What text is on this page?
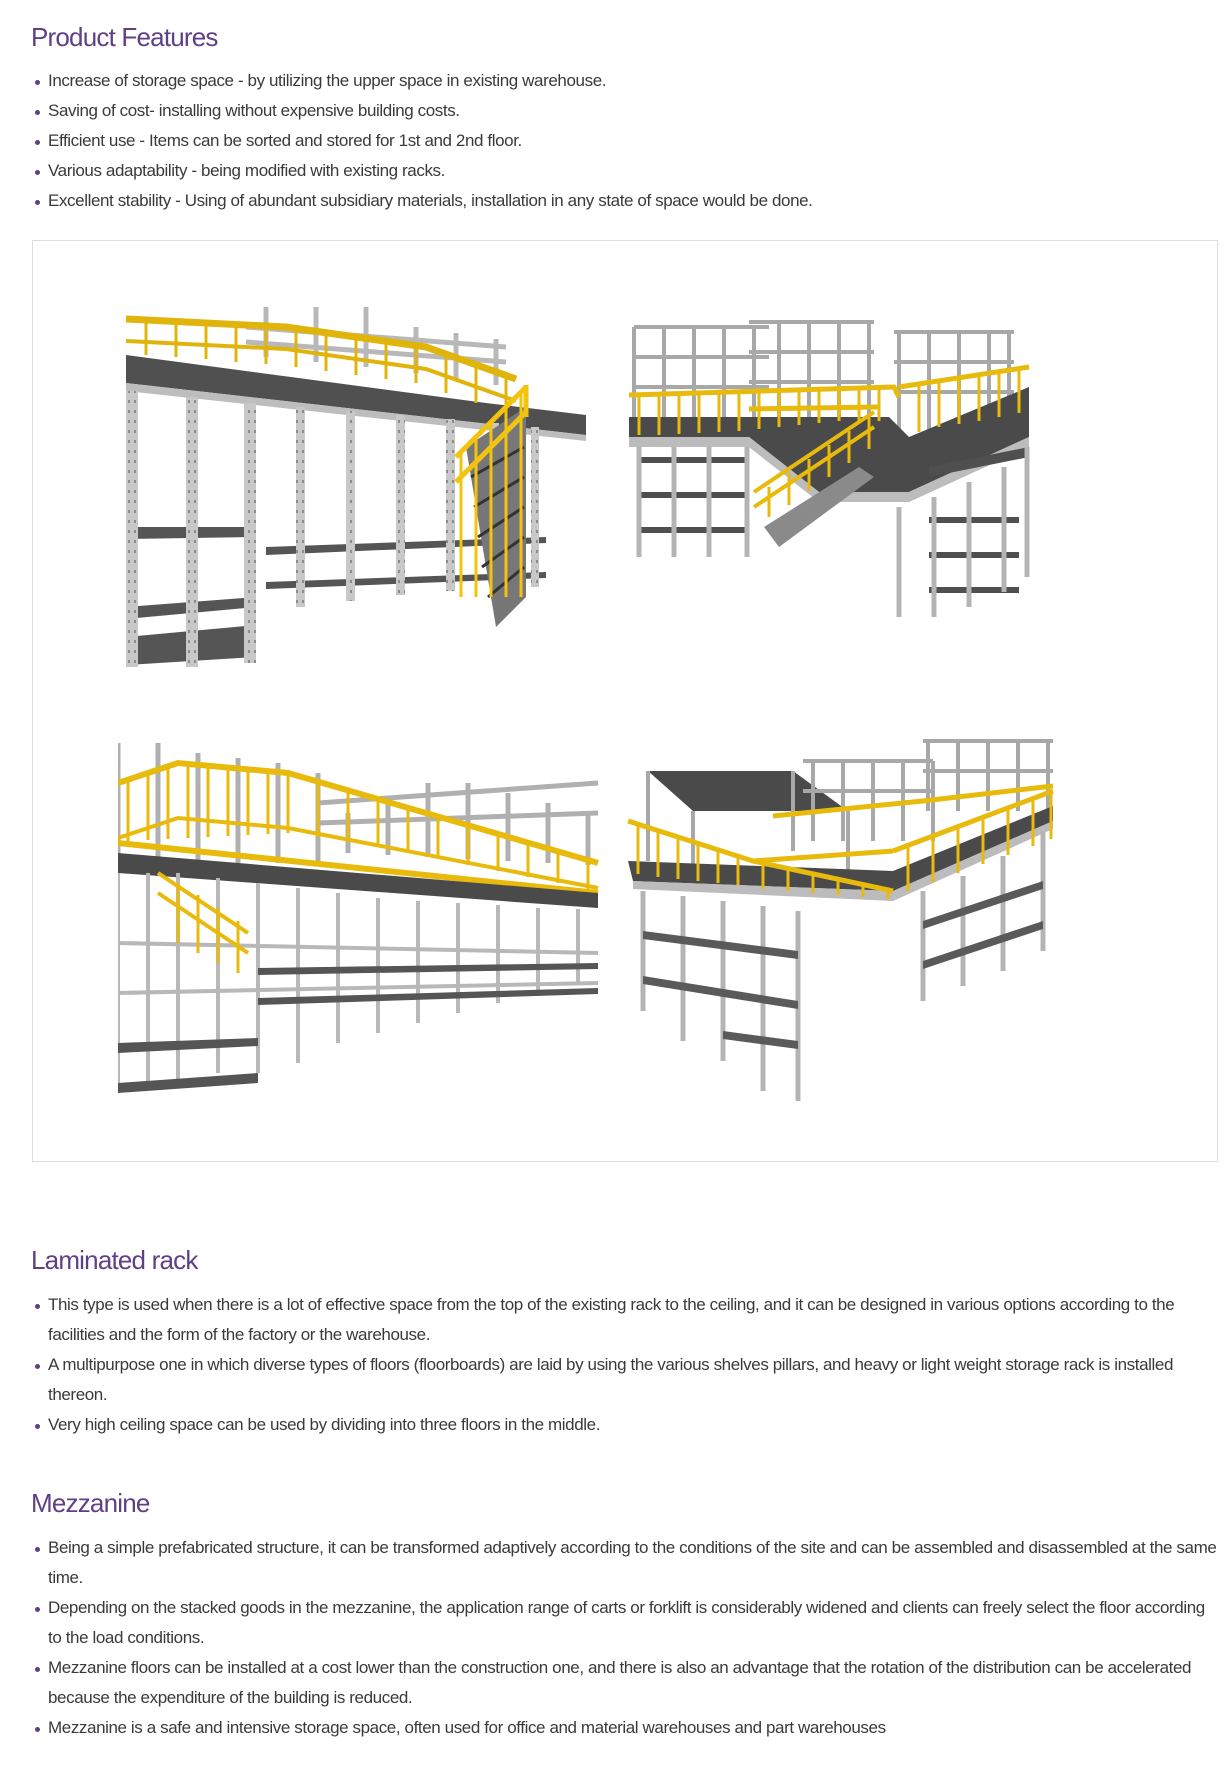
Product Features
Increase of storage space - by utilizing the upper space in existing warehouse.
Saving of cost- installing without expensive building costs.
Efficient use - Items can be sorted and stored for 1st and 2nd floor.
Various adaptability - being modified with existing racks.
Excellent stability - Using of abundant subsidiary materials, installation in any state of space would be done.
Laminated rack
This type is used when there is a lot of effective space from the top of the existing rack to the ceiling, and it can be designed in various options according to the facilities and the form of the factory or the warehouse.
A multipurpose one in which diverse types of floors (floorboards) are laid by using the various shelves pillars, and heavy or light weight storage rack is installed thereon.
Very high ceiling space can be used by dividing into three floors in the middle.
Mezzanine
Being a simple prefabricated structure, it can be transformed adaptively according to the conditions of the site and can be assembled and disassembled at the same time.
Depending on the stacked goods in the mezzanine, the application range of carts or forklift is considerably widened and clients can freely select the floor according to the load conditions.
Mezzanine floors can be installed at a cost lower than the construction one, and there is also an advantage that the rotation of the distribution can be accelerated because the expenditure of the building is reduced.
Mezzanine is a safe and intensive storage space, often used for office and material warehouses and part warehouses
